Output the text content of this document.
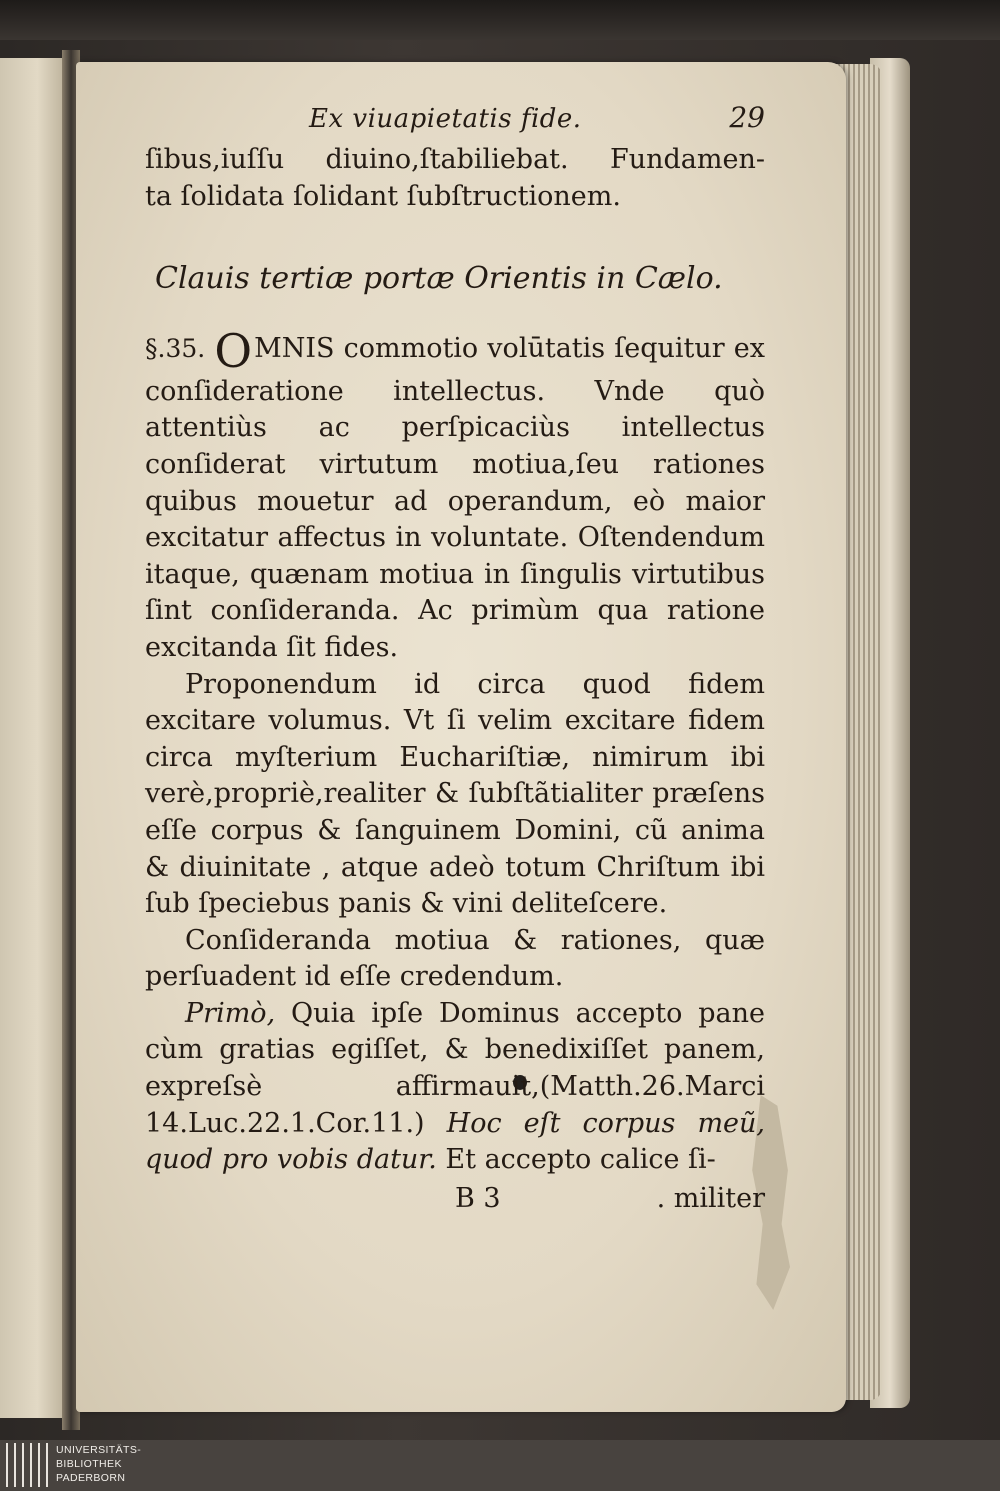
Ex viuapietatis fide.	29

ſibus,iuſſu diuino,ſtabiliebat. Fundamen-

ta ſolidata ſolidant ſubſtructionem.

Clauis tertiæ portæ Orientis in Cælo.

§.35. OMNIS commotio volūtatis ſequitur ex conſideratione intellectus. Vnde quò attentiùs ac perſpicaciùs intellectus conſiderat virtutum motiua,ſeu rationes quibus mouetur ad operandum, eò maior excitatur affectus in voluntate. Oſtendendum itaque, quænam motiua in ſingulis virtutibus ſint conſideranda. Ac primùm qua ratione excitanda ſit fides.

Proponendum id circa quod fidem excitare volumus. Vt ſi velim excitare fidem circa myſterium Euchariſtiæ, nimirum ibi verè,propriè,realiter & ſubſtãtialiter præſens eſſe corpus & ſanguinem Domini, cũ anima & diuinitate , atque adeò totum Chriſtum ibi ſub ſpeciebus panis & vini deliteſcere.

Conſideranda motiua & rationes, quæ perſuadent id eſſe credendum.

Primò, Quia ipſe Dominus accepto pane cùm gratias egiſſet, & benedixiſſet panem, expreſsè affirmauit,(Matth.26.Marci 14.Luc.22.1.Cor.11.) Hoc eſt corpus meũ, quod pro vobis datur. Et accepto calice ſi-

B 3	. militer
UNIVERSITÄTS-
BIBLIOTHEK
PADERBORN
